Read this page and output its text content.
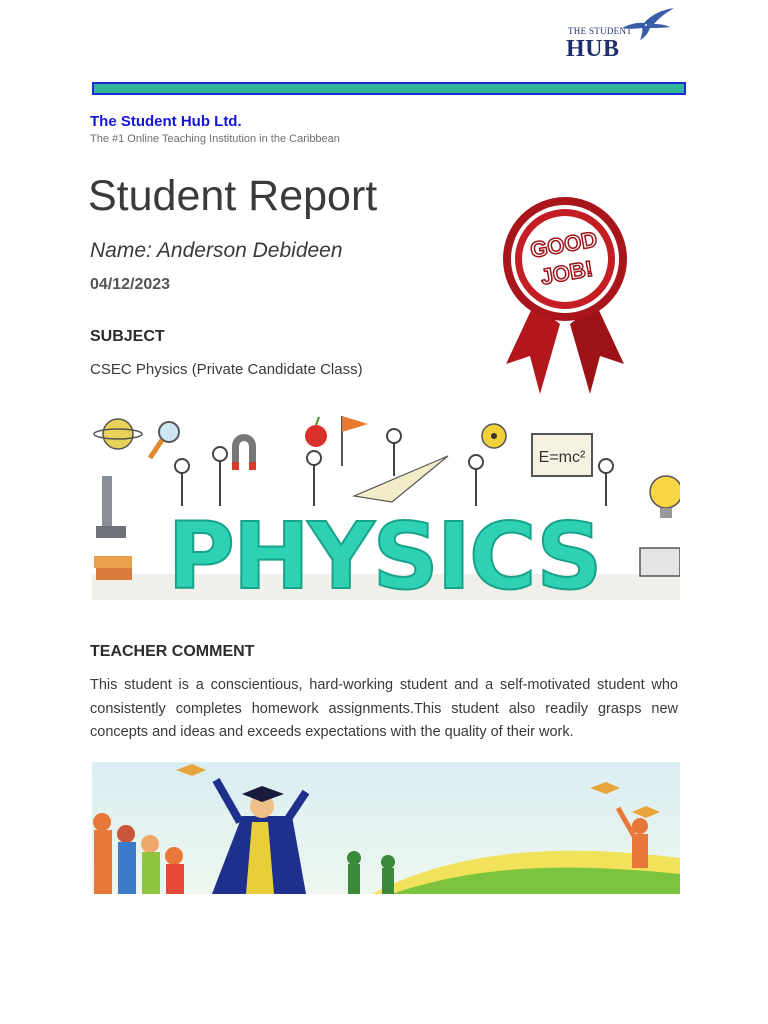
THE STUDENT
HUB
The Student Hub Ltd.
The #1 Online Teaching Institution in the Caribbean
Student Report
Name: Anderson Debideen
04/12/2023
SUBJECT
CSEC Physics (Private Candidate Class)
GOOD
JOB!
E=mc²
PHYSICS
TEACHER COMMENT
This student is a conscientious, hard-working student and a self-motivated student who consistently completes homework assignments.This student also readily grasps new concepts and ideas and exceeds expectations with the quality of their work.
